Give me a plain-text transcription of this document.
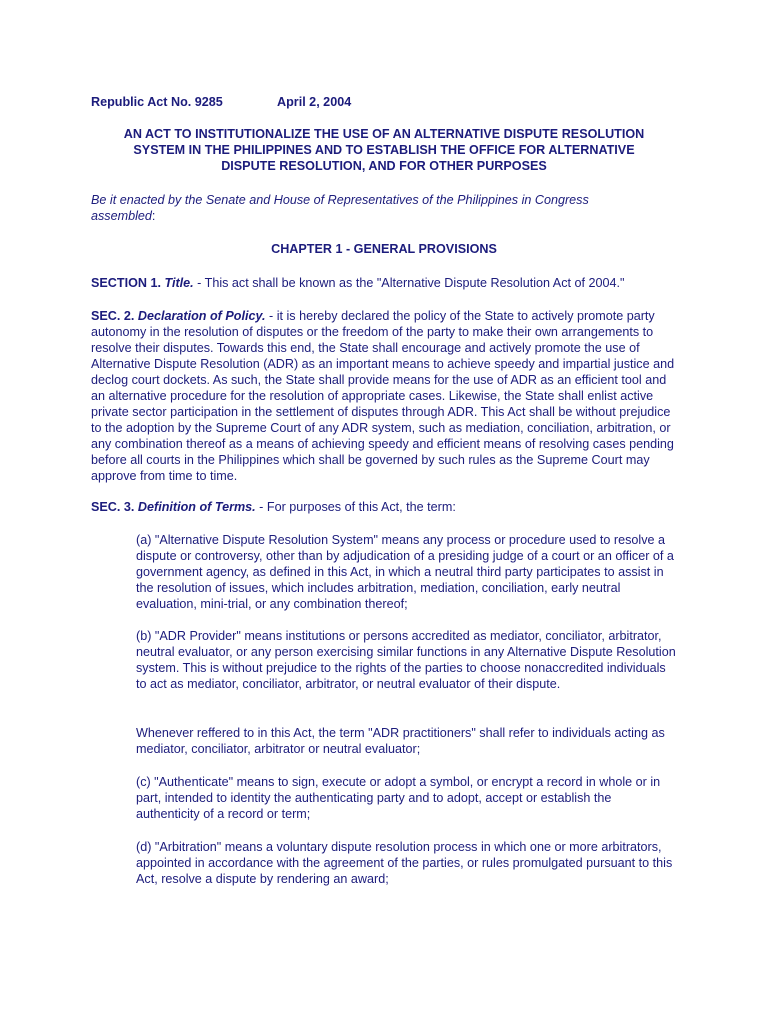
Republic Act No. 9285	April 2, 2004
AN ACT TO INSTITUTIONALIZE THE USE OF AN ALTERNATIVE DISPUTE RESOLUTION
SYSTEM IN THE PHILIPPINES AND TO ESTABLISH THE OFFICE FOR ALTERNATIVE
DISPUTE RESOLUTION, AND FOR OTHER PURPOSES

Be it enacted by the Senate and House of Representatives of the Philippines in Congress assembled:

CHAPTER 1 - GENERAL PROVISIONS

SECTION 1. Title. - This act shall be known as the "Alternative Dispute Resolution Act of 2004."

SEC. 2. Declaration of Policy. - it is hereby declared the policy of the State to actively promote party autonomy in the resolution of disputes or the freedom of the party to make their own arrangements to resolve their disputes. Towards this end, the State shall encourage and actively promote the use of Alternative Dispute Resolution (ADR) as an important means to achieve speedy and impartial justice and declog court dockets. As such, the State shall provide means for the use of ADR as an efficient tool and an alternative procedure for the resolution of appropriate cases. Likewise, the State shall enlist active private sector participation in the settlement of disputes through ADR. This Act shall be without prejudice to the adoption by the Supreme Court of any ADR system, such as mediation, conciliation, arbitration, or any combination thereof as a means of achieving speedy and efficient means of resolving cases pending before all courts in the Philippines which shall be governed by such rules as the Supreme Court may approve from time to time.

SEC. 3. Definition of Terms. - For purposes of this Act, the term:

(a) "Alternative Dispute Resolution System" means any process or procedure used to resolve a dispute or controversy, other than by adjudication of a presiding judge of a court or an officer of a government agency, as defined in this Act, in which a neutral third party participates to assist in the resolution of issues, which includes arbitration, mediation, conciliation, early neutral evaluation, mini-trial, or any combination thereof;

(b) "ADR Provider" means institutions or persons accredited as mediator, conciliator, arbitrator, neutral evaluator, or any person exercising similar functions in any Alternative Dispute Resolution system. This is without prejudice to the rights of the parties to choose nonaccredited individuals to act as mediator, conciliator, arbitrator, or neutral evaluator of their dispute.

Whenever reffered to in this Act, the term "ADR practitioners" shall refer to individuals acting as mediator, conciliator, arbitrator or neutral evaluator;

(c) "Authenticate" means to sign, execute or adopt a symbol, or encrypt a record in whole or in part, intended to identity the authenticating party and to adopt, accept or establish the authenticity of a record or term;

(d) "Arbitration" means a voluntary dispute resolution process in which one or more arbitrators, appointed in accordance with the agreement of the parties, or rules promulgated pursuant to this Act, resolve a dispute by rendering an award;
